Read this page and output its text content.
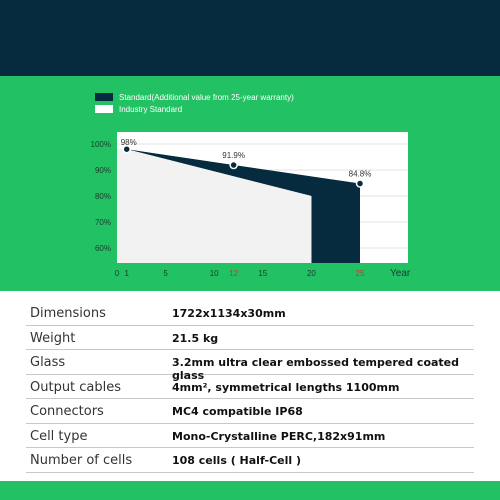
Standard(Additional value from 25-year warranty)
Industry Standard
98%
91.9%
84.8%
100%
90%
80%
70%
60%
0 1	5	10 12	15	20	25	Year
Dimensions	1722x1134x30mm
Weight	21.5 kg
Glass	3.2mm ultra clear embossed tempered coated glass
Output cables	4mm², symmetrical lengths 1100mm
Connectors	MC4 compatible IP68
Cell type	Mono-Crystalline PERC,182x91mm
Number of cells	108 cells ( Half-Cell )
